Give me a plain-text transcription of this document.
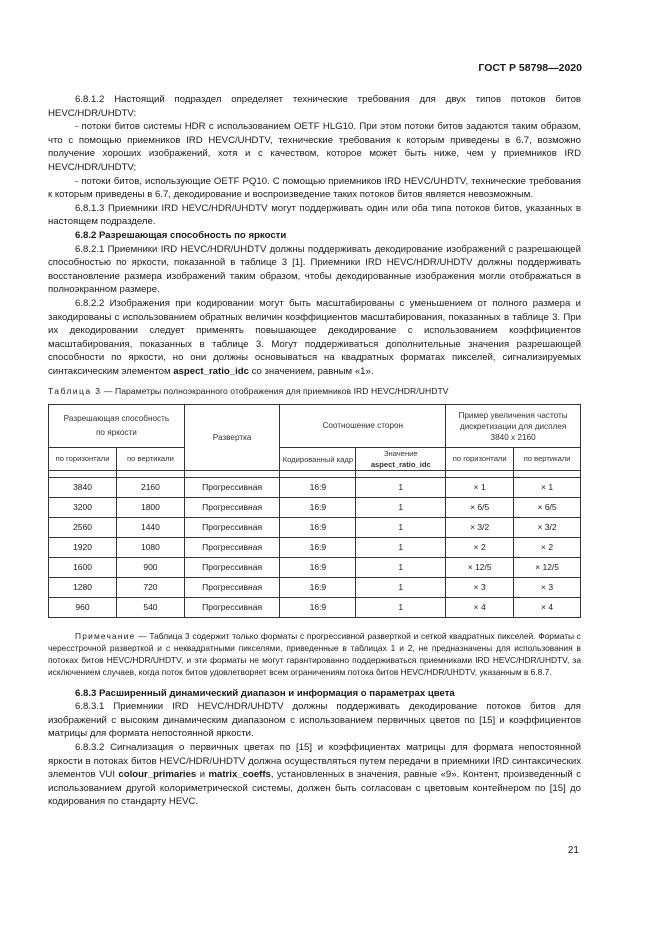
ГОСТ Р 58798—2020

6.8.1.2 Настоящий подраздел определяет технические требования для двух типов потоков битов HEVC/HDR/UHDTV:

- потоки битов системы HDR с использованием OETF HLG10. При этом потоки битов задаются таким образом, что с помощью приемников IRD HEVC/UHDTV, технические требования к которым приведены в 6.7, возможно получение хороших изображений, хотя и с качеством, которое может быть ниже, чем у приемников IRD HEVC/HDR/UHDTV;

- потоки битов, использующие OETF PQ10. С помощью приемников IRD HEVC/UHDTV, технические требования к которым приведены в 6.7, декодирование и воспроизведение таких потоков битов является невозможным.

6.8.1.3 Приемники IRD HEVC/HDR/UHDTV могут поддерживать один или оба типа потоков битов, указанных в настоящем подразделе.

6.8.2 Разрешающая способность по яркости

6.8.2.1 Приемники IRD HEVC/HDR/UHDTV должны поддерживать декодирование изображений с разрешающей способностью по яркости, показанной в таблице 3 [1]. Приемники IRD HEVC/HDR/UHDTV должны поддерживать восстановление размера изображений таким образом, чтобы декодированные изображения могли отображаться в полноэкранном размере.

6.8.2.2 Изображения при кодировании могут быть масштабированы с уменьшением от полного размера и закодированы с использованием обратных величин коэффициентов масштабирования, показанных в таблице 3. При их декодировании следует применять повышающее декодирование с использованием коэффициентов масштабирования, показанных в таблице 3. Могут поддерживаться дополнительные значения разрешающей способности по яркости, но они должны основываться на квадратных форматах пикселей, сигнализируемых синтаксическим элементом aspect_ratio_idc со значением, равным «1».

Таблица 3 — Параметры полноэкранного отображения для приемников IRD HEVC/HDR/UHDTV
Разрешающая способность по яркости		Развертка	Соотношение сторон		Пример увеличения частоты дискретизации для дисплея 3840 х 2160	
по горизонтали	по вертикали		Кодированный кадр	Значение
aspect_ratio_idc	по горизонтали	по вертикали

3840	2160	Прогрессивная	16:9	1	× 1	× 1
3200	1800	Прогрессивная	16:9	1	× 6/5	× 6/5
2560	1440	Прогрессивная	16:9	1	× 3/2	× 3/2
1920	1080	Прогрессивная	16:9	1	× 2	× 2
1600	900	Прогрессивная	16:9	1	× 12/5	× 12/5
1280	720	Прогрессивная	16:9	1	× 3	× 3
960	540	Прогрессивная	16:9	1	× 4	× 4
Примечание — Таблица 3 содержит только форматы с прогрессивной разверткой и сеткой квадратных пикселей. Форматы с чересстрочной разверткой и с неквадратными пикселями, приведенные в таблицах 1 и 2, не предназначены для использования в потоках битов HEVC/HDR/UHDTV, и эти форматы не могут гарантированно поддерживаться приемниками IRD HEVC/HDR/UHDTV, за исключением случаев, когда поток битов удовлетворяет всем ограничениям потока битов HEVC/HDR/UHDTV, указанным в 6.8.7.

6.8.3 Расширенный динамический диапазон и информация о параметрах цвета

6.8.3.1 Приемники IRD HEVC/HDR/UHDTV должны поддерживать декодирование потоков битов для изображений с высоким динамическим диапазоном с использованием первичных цветов по [15] и коэффициентов матрицы для формата непостоянной яркости.

6.8.3.2 Сигнализация о первичных цветах по [15] и коэффициентах матрицы для формата непостоянной яркости в потоках битов HEVC/HDR/UHDTV должна осуществляться путем передачи в приемники IRD синтаксических элементов VUI colour_primaries и matrix_coeffs, установленных в значения, равные «9». Контент, произведенный с использованием другой колориметрической системы, должен быть согласован с цветовым контейнером по [15] до кодирования по стандарту HEVC.

21
